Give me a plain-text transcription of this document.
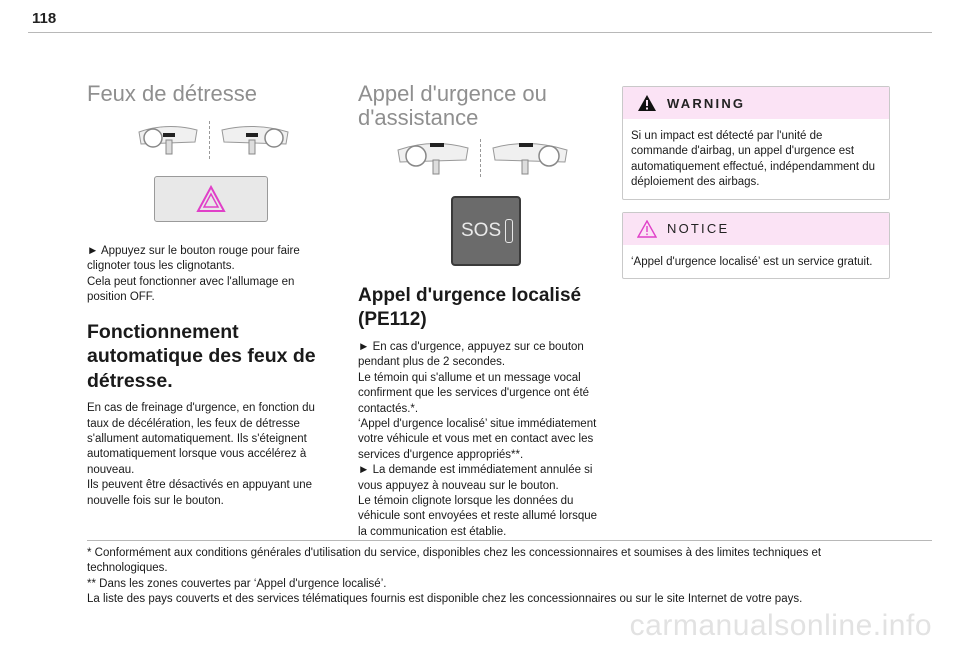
118
Feux de détresse

► Appuyez sur le bouton rouge pour faire clignoter tous les clignotants.
Cela peut fonctionner avec l'allumage en position OFF.

Fonctionnement automatique des feux de détresse.

En cas de freinage d'urgence, en fonction du taux de décélération, les feux de détresse s'allument automatiquement. Ils s'éteignent automatiquement lorsque vous accélérez à nouveau.
Ils peuvent être désactivés en appuyant une nouvelle fois sur le bouton.

Appel d'urgence ou d'assistance
SOS
Appel d'urgence localisé (PE112)

► En cas d'urgence, appuyez sur ce bouton pendant plus de 2 secondes.
Le témoin qui s'allume et un message vocal confirment que les services d'urgence ont été contactés.*.
‘Appel d'urgence localisé’ situe immédiatement votre véhicule et vous met en contact avec les services d'urgence appropriés**.
► La demande est immédiatement annulée si vous appuyez à nouveau sur le bouton.
Le témoin clignote lorsque les données du véhicule sont envoyées et reste allumé lorsque la communication est établie.

WARNING
Si un impact est détecté par l'unité de commande d'airbag, un appel d'urgence est automatiquement effectué, indépendamment du déploiement des airbags.
NOTICE
‘Appel d'urgence localisé’ est un service gratuit.
* Conformément aux conditions générales d'utilisation du service, disponibles chez les concessionnaires et soumises à des limites techniques et technologiques.
** Dans les zones couvertes par ‘Appel d'urgence localisé’.
La liste des pays couverts et des services télématiques fournis est disponible chez les concessionnaires ou sur le site Internet de votre pays.
carmanualsonline.info
